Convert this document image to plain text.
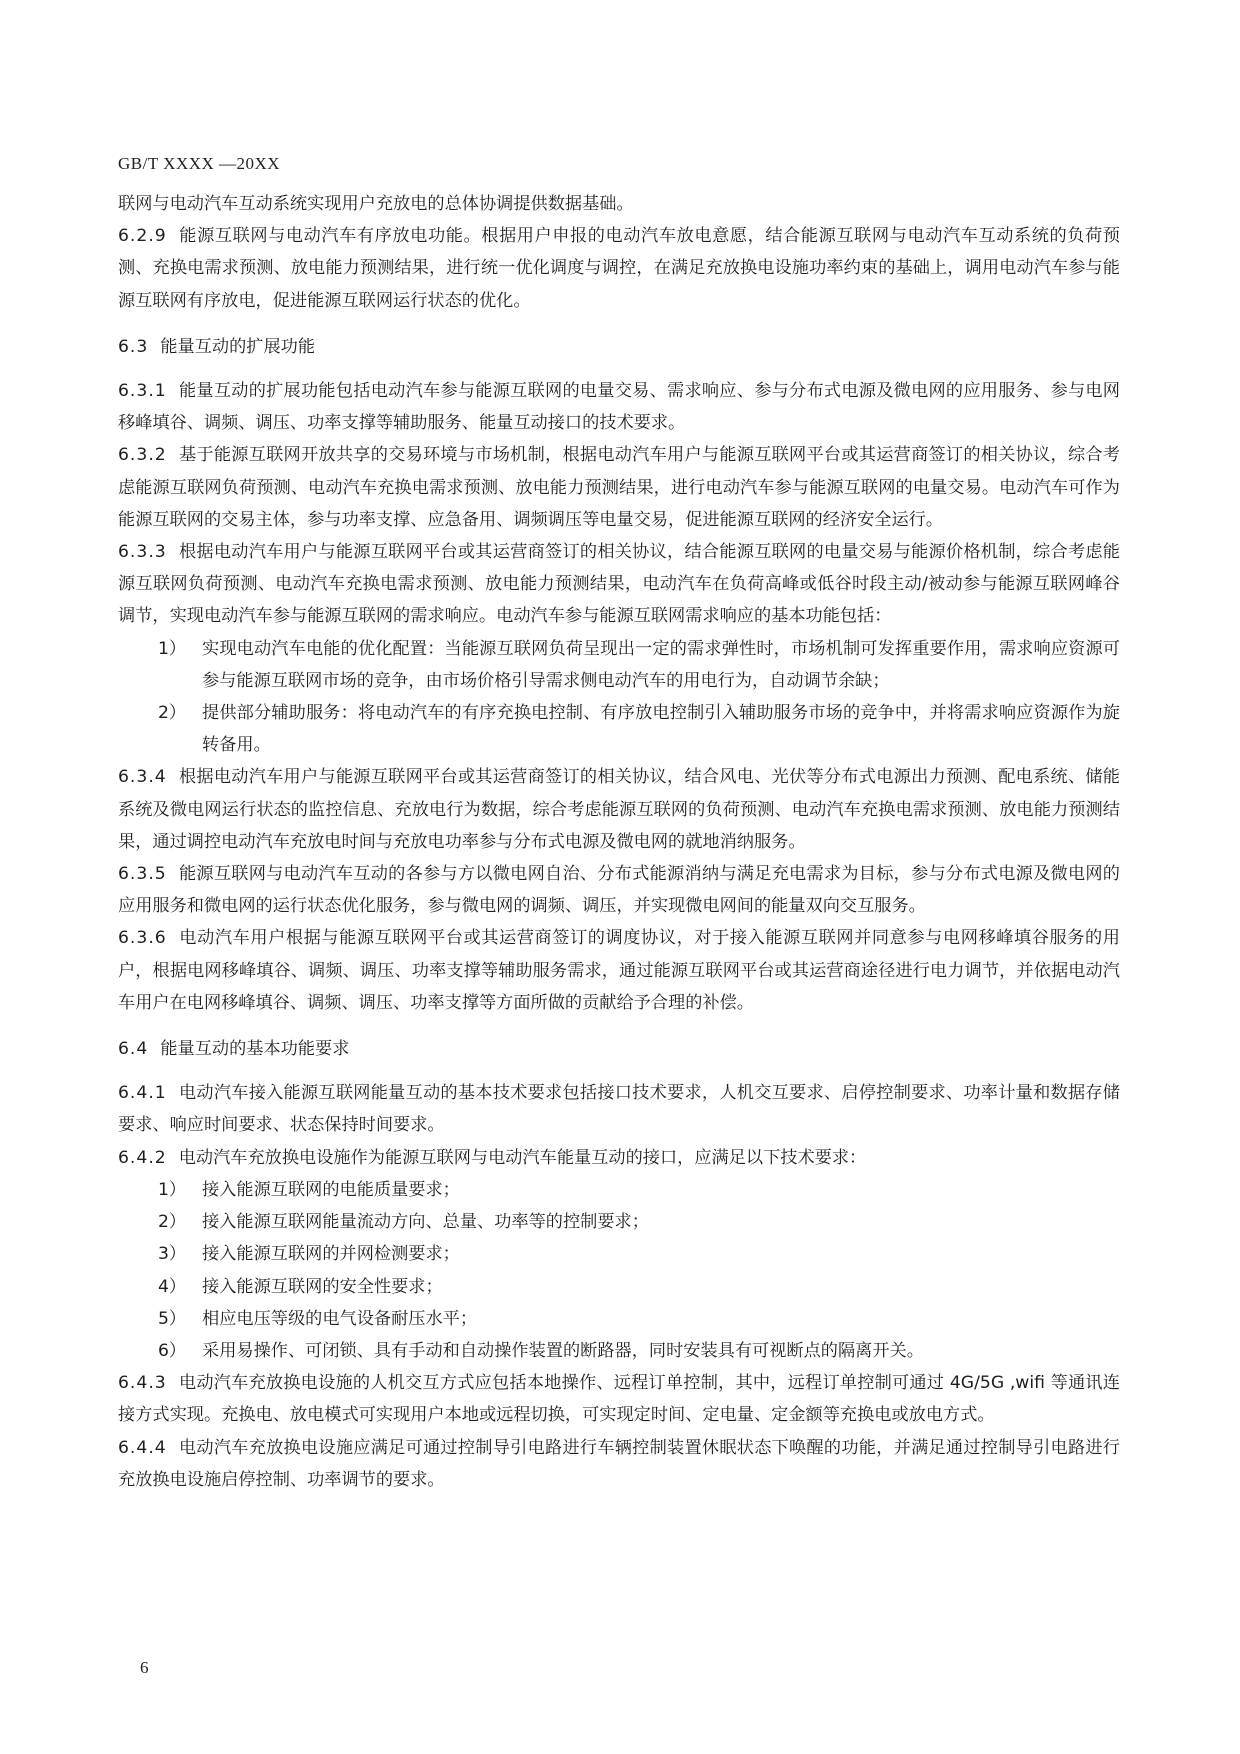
GB/T XXXX —20XX

联网与电动汽车互动系统实现用户充放电的总体协调提供数据基础。

6.2.9 能源互联网与电动汽车有序放电功能。根据用户申报的电动汽车放电意愿，结合能源互联网与电动汽车互动系统的负荷预测、充换电需求预测、放电能力预测结果，进行统一优化调度与调控，在满足充放换电设施功率约束的基础上，调用电动汽车参与能源互联网有序放电，促进能源互联网运行状态的优化。

6.3 能量互动的扩展功能

6.3.1 能量互动的扩展功能包括电动汽车参与能源互联网的电量交易、需求响应、参与分布式电源及微电网的应用服务、参与电网移峰填谷、调频、调压、功率支撑等辅助服务、能量互动接口的技术要求。

6.3.2 基于能源互联网开放共享的交易环境与市场机制，根据电动汽车用户与能源互联网平台或其运营商签订的相关协议，综合考虑能源互联网负荷预测、电动汽车充换电需求预测、放电能力预测结果，进行电动汽车参与能源互联网的电量交易。电动汽车可作为能源互联网的交易主体，参与功率支撑、应急备用、调频调压等电量交易，促进能源互联网的经济安全运行。

6.3.3 根据电动汽车用户与能源互联网平台或其运营商签订的相关协议，结合能源互联网的电量交易与能源价格机制，综合考虑能源互联网负荷预测、电动汽车充换电需求预测、放电能力预测结果，电动汽车在负荷高峰或低谷时段主动/被动参与能源互联网峰谷调节，实现电动汽车参与能源互联网的需求响应。电动汽车参与能源互联网需求响应的基本功能包括：

1） 实现电动汽车电能的优化配置：当能源互联网负荷呈现出一定的需求弹性时，市场机制可发挥重要作用，需求响应资源可参与能源互联网市场的竞争，由市场价格引导需求侧电动汽车的用电行为，自动调节余缺；
2） 提供部分辅助服务：将电动汽车的有序充换电控制、有序放电控制引入辅助服务市场的竞争中，并将需求响应资源作为旋转备用。

6.3.4 根据电动汽车用户与能源互联网平台或其运营商签订的相关协议，结合风电、光伏等分布式电源出力预测、配电系统、储能系统及微电网运行状态的监控信息、充放电行为数据，综合考虑能源互联网的负荷预测、电动汽车充换电需求预测、放电能力预测结果，通过调控电动汽车充放电时间与充放电功率参与分布式电源及微电网的就地消纳服务。

6.3.5 能源互联网与电动汽车互动的各参与方以微电网自治、分布式能源消纳与满足充电需求为目标，参与分布式电源及微电网的应用服务和微电网的运行状态优化服务，参与微电网的调频、调压，并实现微电网间的能量双向交互服务。

6.3.6 电动汽车用户根据与能源互联网平台或其运营商签订的调度协议，对于接入能源互联网并同意参与电网移峰填谷服务的用户，根据电网移峰填谷、调频、调压、功率支撑等辅助服务需求，通过能源互联网平台或其运营商途径进行电力调节，并依据电动汽车用户在电网移峰填谷、调频、调压、功率支撑等方面所做的贡献给予合理的补偿。

6.4 能量互动的基本功能要求

6.4.1 电动汽车接入能源互联网能量互动的基本技术要求包括接口技术要求，人机交互要求、启停控制要求、功率计量和数据存储要求、响应时间要求、状态保持时间要求。

6.4.2 电动汽车充放换电设施作为能源互联网与电动汽车能量互动的接口，应满足以下技术要求：

1） 接入能源互联网的电能质量要求；
2） 接入能源互联网能量流动方向、总量、功率等的控制要求；
3） 接入能源互联网的并网检测要求；
4） 接入能源互联网的安全性要求；
5） 相应电压等级的电气设备耐压水平；
6） 采用易操作、可闭锁、具有手动和自动操作装置的断路器，同时安装具有可视断点的隔离开关。

6.4.3 电动汽车充放换电设施的人机交互方式应包括本地操作、远程订单控制，其中，远程订单控制可通过 4G/5G ,wifi 等通讯连接方式实现。充换电、放电模式可实现用户本地或远程切换，可实现定时间、定电量、定金额等充换电或放电方式。

6.4.4 电动汽车充放换电设施应满足可通过控制导引电路进行车辆控制装置休眠状态下唤醒的功能，并满足通过控制导引电路进行充放换电设施启停控制、功率调节的要求。

6
